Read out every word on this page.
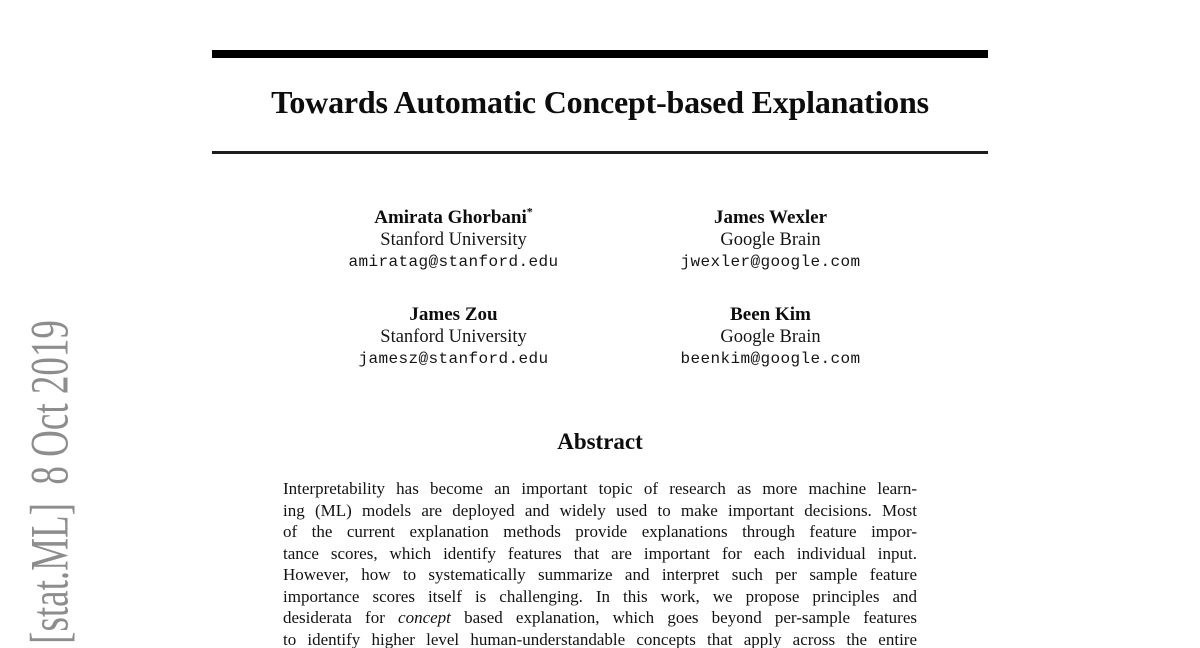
[stat.ML]  8 Oct 2019
Towards Automatic Concept-based Explanations
Amirata Ghorbani*
Stanford University
amiratag@stanford.edu
James Wexler
Google Brain
jwexler@google.com
James Zou
Stanford University
jamesz@stanford.edu
Been Kim
Google Brain
beenkim@google.com
Abstract
Interpretability has become an important topic of research as more machine learn-
ing (ML) models are deployed and widely used to make important decisions. Most
of the current explanation methods provide explanations through feature impor-
tance scores, which identify features that are important for each individual input.
However, how to systematically summarize and interpret such per sample feature
importance scores itself is challenging. In this work, we propose principles and
desiderata for concept based explanation, which goes beyond per-sample features
to identify higher level human-understandable concepts that apply across the entire
